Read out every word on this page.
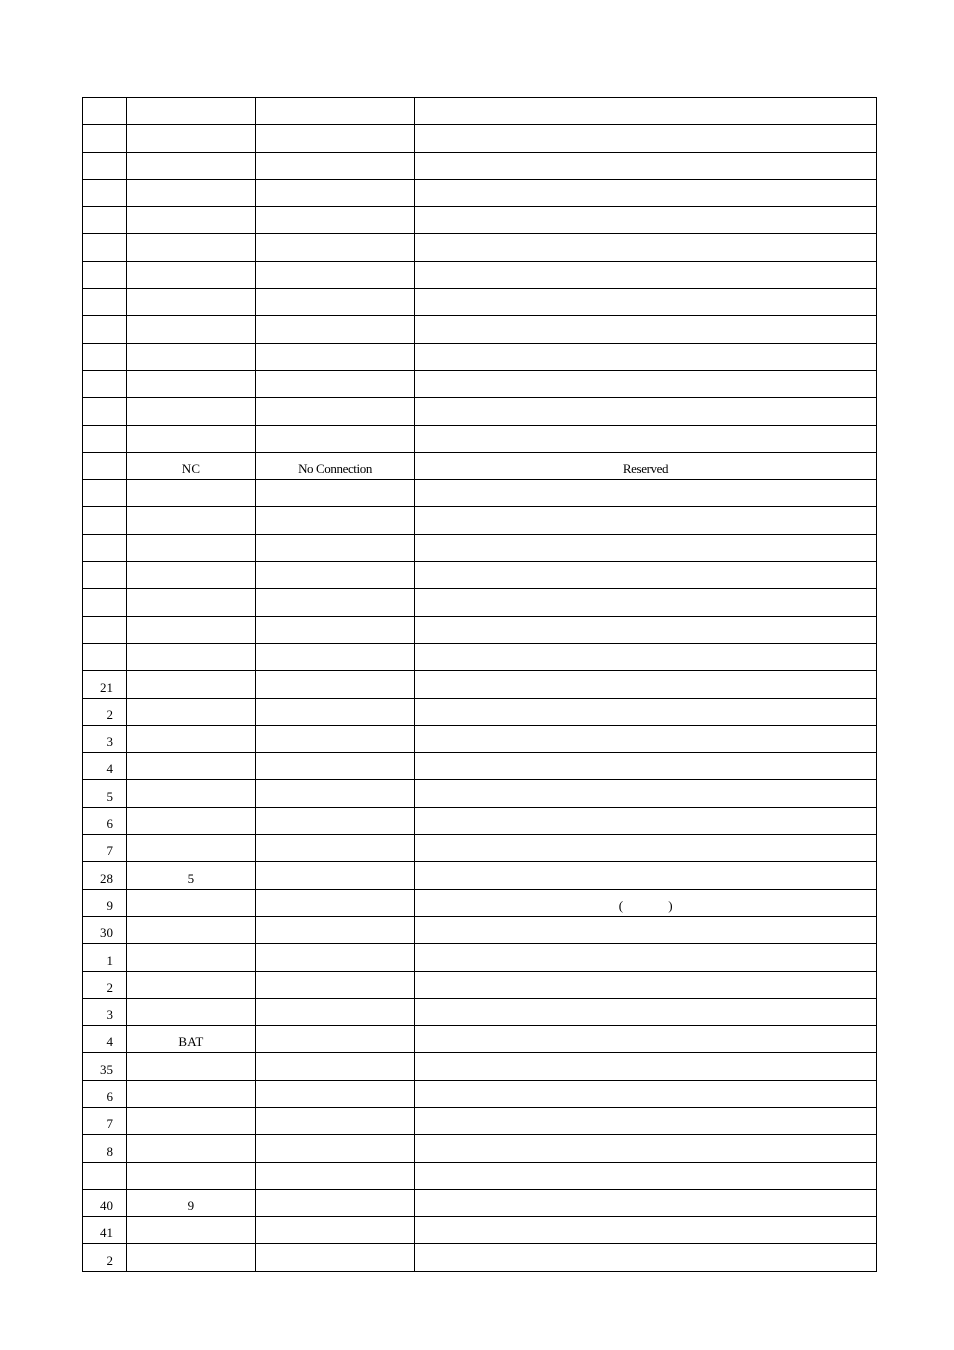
	NC	No Connection	Reserved

21			
2			
3			
4			
5			
6			
7			
28	5		
9			(                )
30			
1			
2			
3			
4	BAT		
35			
6			
7			
8			

40	9		
41			
2			
